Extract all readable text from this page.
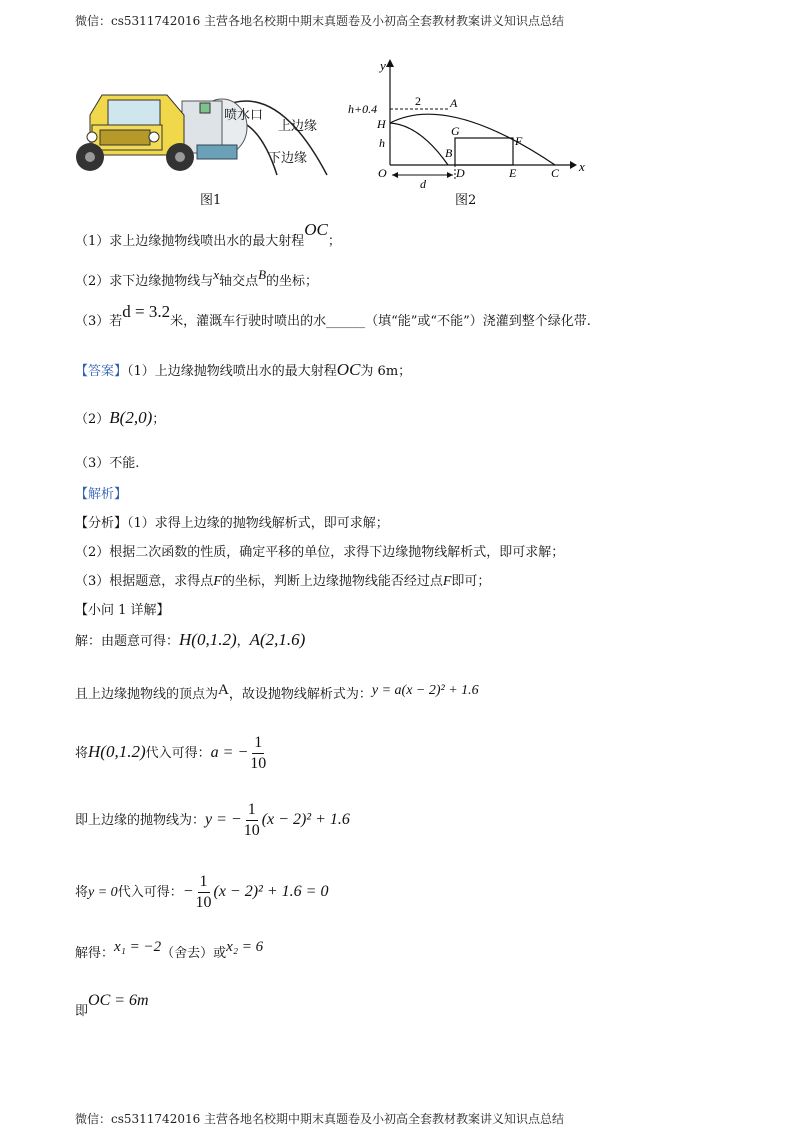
微信：cs5311742016 主营各地名校期中期末真题卷及小初高全套教材教案讲义知识点总结
微信：cs5311742016 主营各地名校期中期末真题卷及小初高全套教材教案讲义知识点总结
喷水口
上边缘
下边缘
图1
y
x
h+0.4
H
h
O
2 A
G
F
B
D	E	C
d
图2
（1）求上边缘抛物线喷出水的最大射程OC；
（2）求下边缘抛物线与x轴交点B的坐标；
（3）若d = 3.2米，灌溉车行驶时喷出的水______（填“能”或“不能”）浇灌到整个绿化带.
【答案】（1）上边缘抛物线喷出水的最大射程OC为 6m；
（2）B(2,0)；
（3）不能.
【解析】
【分析】（1）求得上边缘的抛物线解析式，即可求解；
（2）根据二次函数的性质，确定平移的单位，求得下边缘抛物线解析式，即可求解；
（3）根据题意，求得点F的坐标，判断上边缘抛物线能否经过点F即可；
【小问 1 详解】
解：由题意可得：H(0,1.2)，A(2,1.6)
且上边缘抛物线的顶点为A，故设抛物线解析式为：y = a(x − 2)² + 1.6
将H(0,1.2)代入可得：a = − $\frac{1}{10}$
即上边缘的抛物线为：y = − $\frac{1}{10} (x - 2)^2 + 1.6$
将y = 0代入可得：− $\frac{1}{10} (x - 2)^2 + 1.6 = 0$
解得：x₁ = −2（舍去）或x₂ = 6
即OC = 6m
